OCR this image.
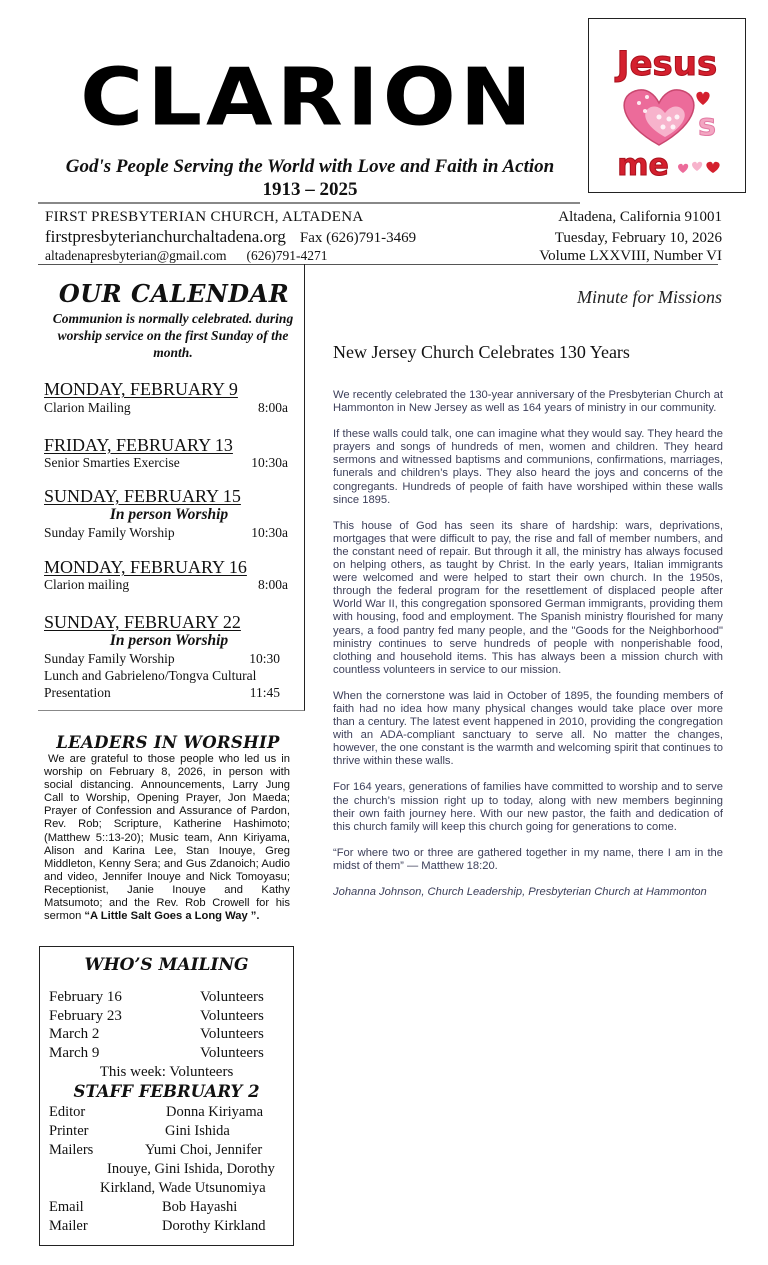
CLARION
God's People Serving the World with Love and Faith in Action
1913 – 2025
Jesus
s
me
FIRST PRESBYTERIAN CHURCH, ALTADENA
firstpresbyterianchurchaltadena.org Fax (626)791-3469
altadenapresbyterian@gmail.com (626)791-4271
Altadena, California 91001
Tuesday, February 10, 2026
Volume LXXVIII, Number VI
OUR CALENDAR
Communion is normally celebrated. during worship service on the first Sunday of the month.
MONDAY, FEBRUARY 9
Clarion Mailing	8:00a
FRIDAY, FEBRUARY 13
Senior Smarties Exercise	10:30a
SUNDAY, FEBRUARY 15
In person Worship
Sunday Family Worship	10:30a
MONDAY, FEBRUARY 16
Clarion mailing	8:00a
SUNDAY, FEBRUARY 22
In person Worship
Sunday Family Worship	10:30
Lunch and Gabrieleno/Tongva Cultural
Presentation	11:45
LEADERS IN WORSHIP
We are grateful to those people who led us in worship on February 8, 2026, in person with social distancing. Announcements, Larry Jung Call to Worship, Opening Prayer, Jon Maeda; Prayer of Confession and Assurance of Pardon, Rev. Rob; Scripture, Katherine Hashimoto; (Matthew 5::13-20); Music team, Ann Kiriyama, Alison and Karina Lee, Stan Inouye, Greg Middleton, Kenny Sera; and Gus Zdanoich; Audio and video, Jennifer Inouye and Nick Tomoyasu; Receptionist, Janie Inouye and Kathy Matsumoto; and the Rev. Rob Crowell for his sermon “A Little Salt Goes a Long Way ”.
WHO’S MAILING
February 16	Volunteers
February 23	Volunteers
March 2	Volunteers
March 9	Volunteers
This week: Volunteers
STAFF FEBRUARY 2
Editor	Donna Kiriyama
Printer	Gini Ishida
Mailers	Yumi Choi, Jennifer
Inouye, Gini Ishida, Dorothy
Kirkland, Wade Utsunomiya
Email	Bob Hayashi
Mailer	Dorothy Kirkland
Minute for Missions
New Jersey Church Celebrates 130 Years

We recently celebrated the 130-year anniversary of the Presbyterian Church at Hammonton in New Jersey as well as 164 years of ministry in our community.

If these walls could talk, one can imagine what they would say. They heard the prayers and songs of hundreds of men, women and children. They heard sermons and witnessed baptisms and communions, confirmations, marriages, funerals and children’s plays. They also heard the joys and concerns of the congregants. Hundreds of people of faith have worshiped within these walls since 1895.

This house of God has seen its share of hardship: wars, deprivations, mortgages that were difficult to pay, the rise and fall of member numbers, and the constant need of repair. But through it all, the ministry has always focused on helping others, as taught by Christ. In the early years, Italian immigrants were welcomed and were helped to start their own church. In the 1950s, through the federal program for the resettlement of displaced people after World War II, this congregation sponsored German immigrants, providing them with housing, food and employment. The Spanish ministry flourished for many years, a food pantry fed many people, and the "Goods for the Neighborhood" ministry continues to serve hundreds of people with nonperishable food, clothing and household items. This has always been a mission church with countless volunteers in service to our mission.

When the cornerstone was laid in October of 1895, the founding members of faith had no idea how many physical changes would take place over more than a century. The latest event happened in 2010, providing the congregation with an ADA-compliant sanctuary to serve all. No matter the changes, however, the one constant is the warmth and welcoming spirit that continues to thrive within these walls.

For 164 years, generations of families have committed to worship and to serve the church’s mission right up to today, along with new members beginning their own faith journey here. With our new pastor, the faith and dedication of this church family will keep this church going for generations to come.

“For where two or three are gathered together in my name, there I am in the midst of them” — Matthew 18:20.

Johanna Johnson, Church Leadership, Presbyterian Church at Hammonton
